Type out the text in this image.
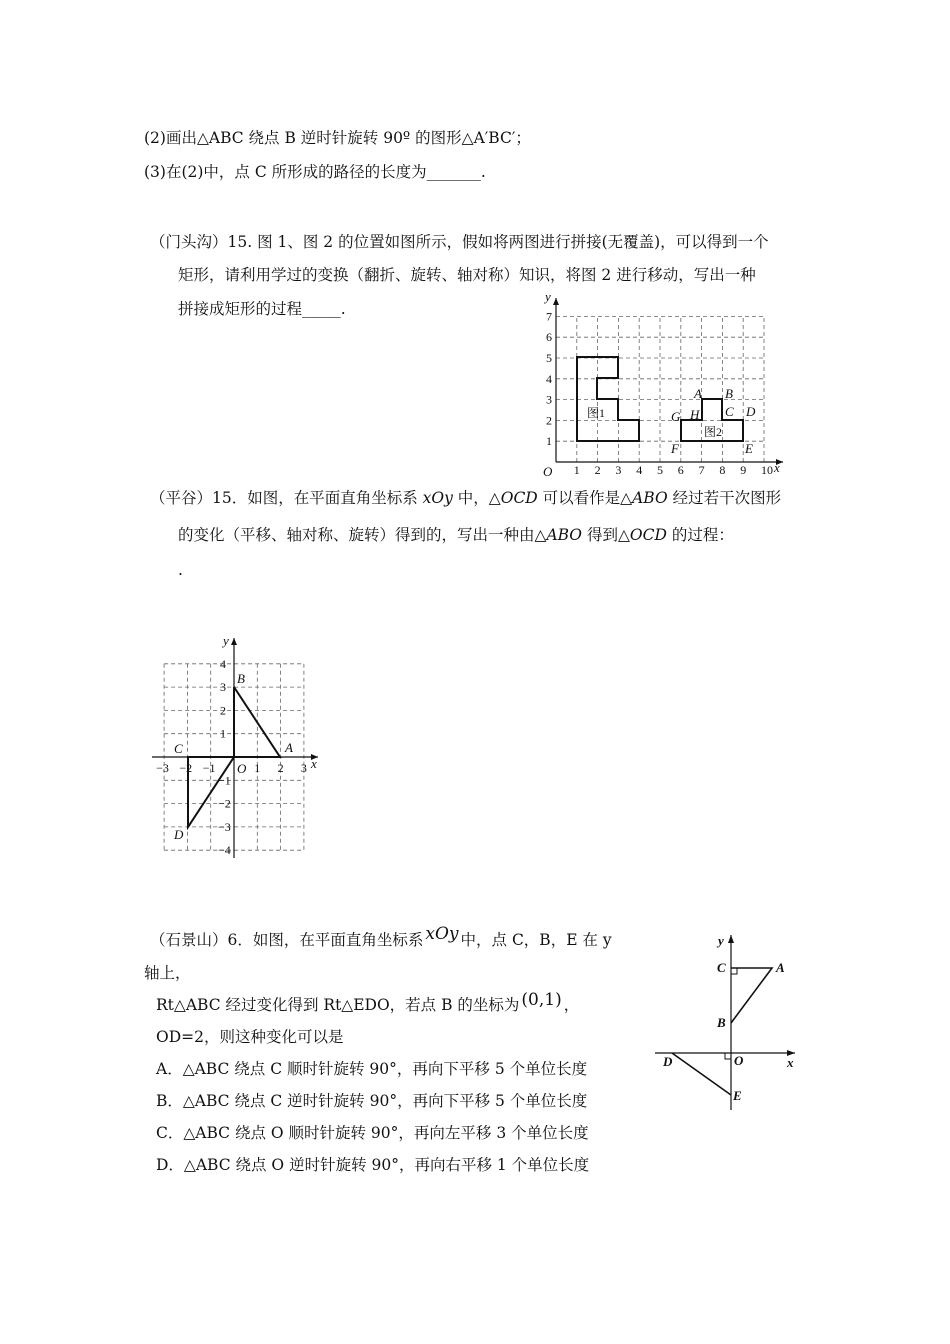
(2)画出△ABC 绕点 B 逆时针旋转 90º 的图形△A′BC′；
(3)在(2)中，点 C 所形成的路径的长度为_______.
（门头沟）15. 图 1、图 2 的位置如图所示，假如将两图进行拼接(无覆盖)，可以得到一个
矩形，请利用学过的变换（翻折、旋转、轴对称）知识，将图 2 进行移动，写出一种
拼接成矩形的过程_____.
1 2 3 4 5 6 7 8 9 10
1
2
3
4
5
6
7
x
y
O
图1
图2
A B
C D
E
F
G H
（平谷）15．如图，在平面直角坐标系 xOy 中，△OCD 可以看作是△ABO 经过若干次图形
的变化（平移、轴对称、旋转）得到的，写出一种由△ABO 得到△OCD 的过程：
.
−3 −2 −1	1 2 3
1
2
3
4
−1
−2
−3
−4
x
y
O
A
B
C
D
（石景山）6．如图，在平面直角坐标系 xOy 中，点 C，B，E 在 y
轴上，
Rt△ABC 经过变化得到 Rt△EDO，若点 B 的坐标为 (0,1) ，
OD=2，则这种变化可以是
A．△ABC 绕点 C 顺时针旋转 90°，再向下平移 5 个单位长度
B．△ABC 绕点 C 逆时针旋转 90°，再向下平移 5 个单位长度
C．△ABC 绕点 O 顺时针旋转 90°，再向左平移 3 个单位长度
D．△ABC 绕点 O 逆时针旋转 90°，再向右平移 1 个单位长度
x
y
A
B
C
D
E
O
